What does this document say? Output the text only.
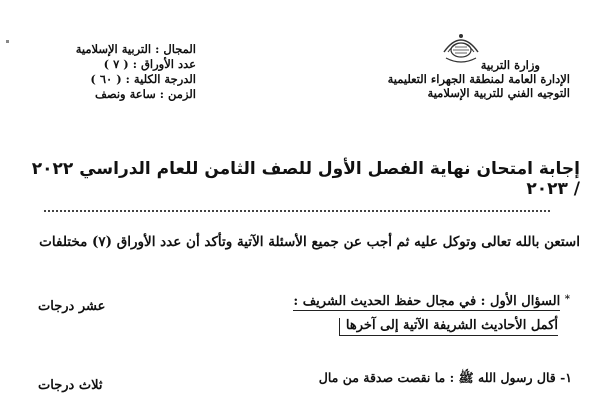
وزارة التربية
الإدارة العامة لمنطقة الجهراء التعليمية
التوجيه الفني للتربية الإسلامية
المجال : التربية الإسلامية
عدد الأوراق : ( ٧ )
الدرجة الكلية : ( ٦٠ )
الزمن : ساعة ونصف
إجابة امتحان نهاية الفصل الأول للصف الثامن للعام الدراسي ٢٠٢٢ / ٢٠٢٣
استعن بالله تعالى وتوكل عليه ثم أجب عن جميع الأسئلة الآتية وتأكد أن عدد الأوراق (٧) مختلفات
* السؤال الأول : في مجال حفظ الحديث الشريف :
أكمل الأحاديث الشريفة الآتية إلى آخرها
عشر درجات
١- قال رسول الله ﷺ : ما نقصت صدقة من مال
ثلاث درجات
